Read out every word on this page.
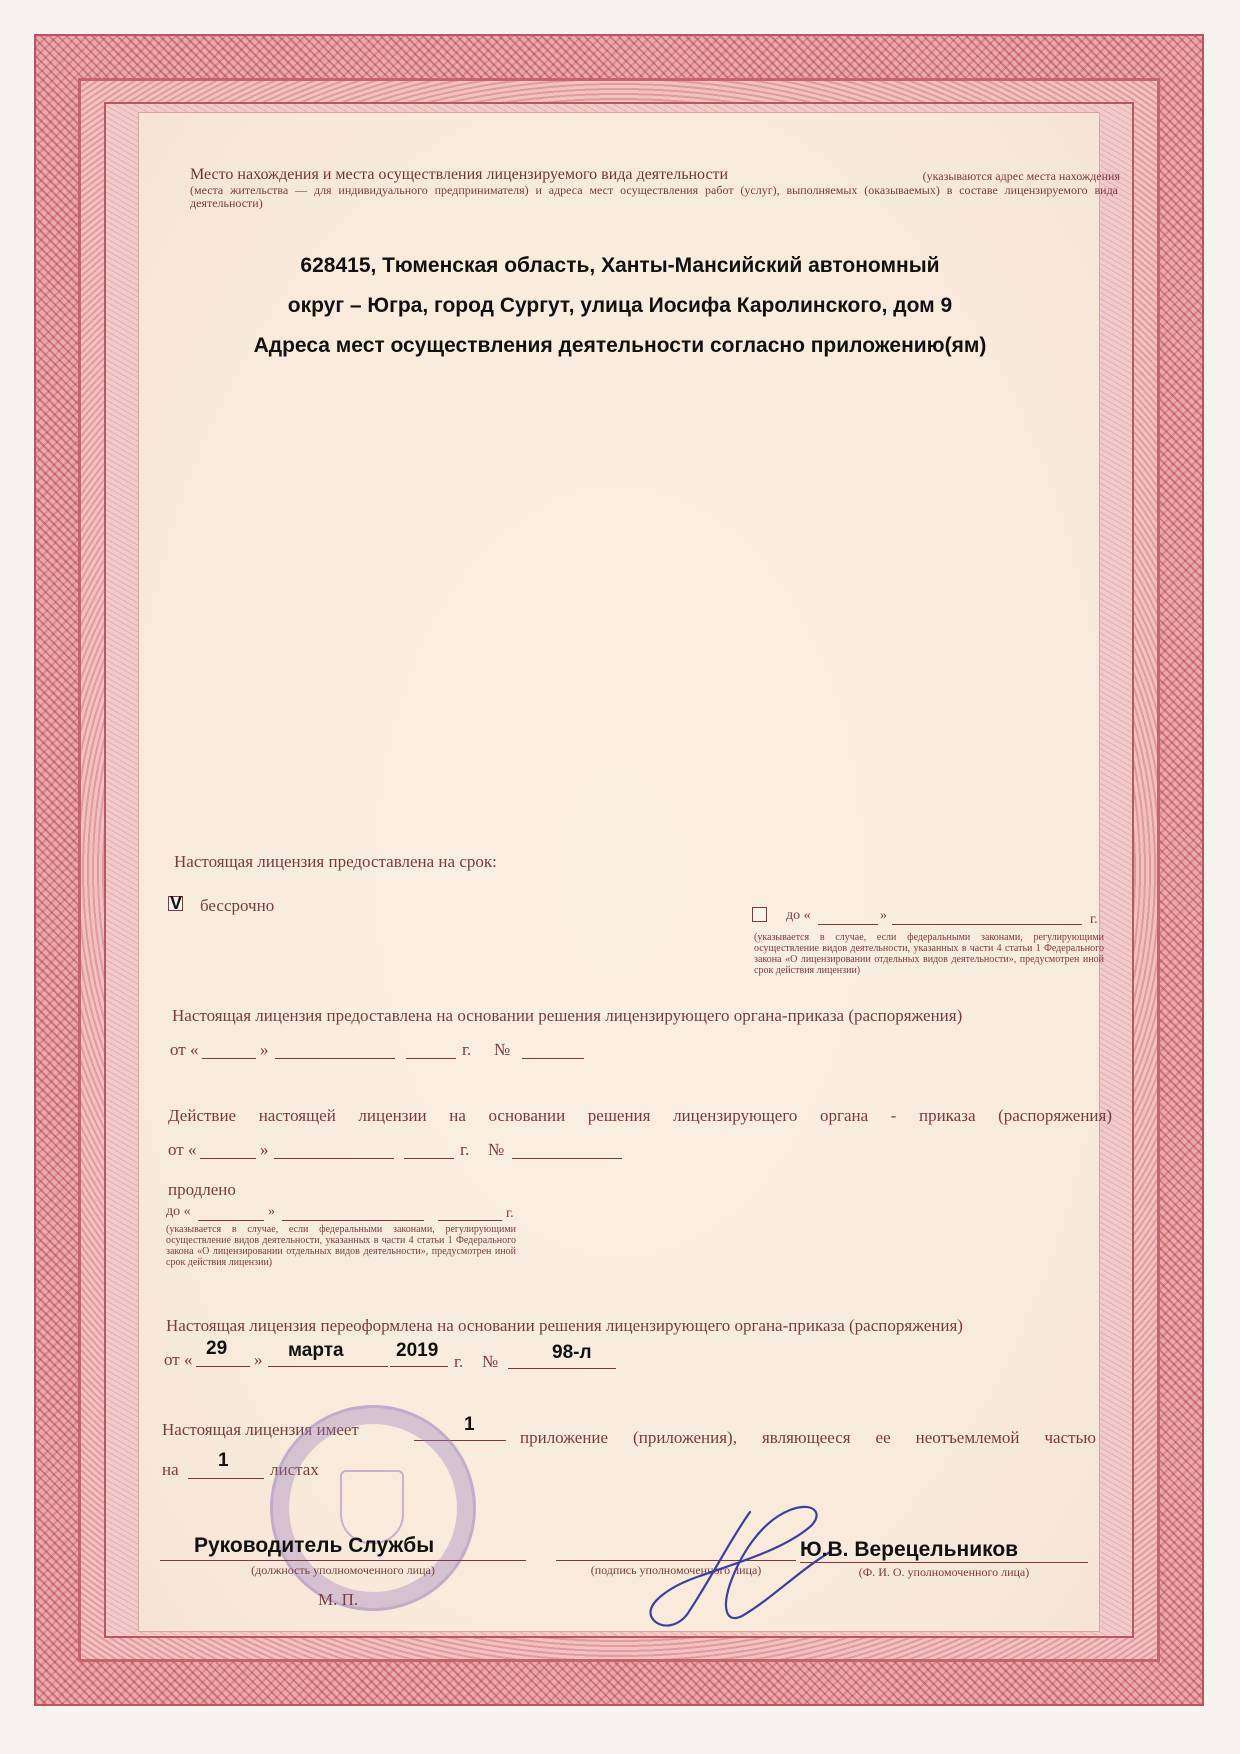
Место нахождения и места осуществления лицензируемого вида деятельности	(указываются адрес места нахождения
(места жительства — для индивидуального предпринимателя) и адреса мест осуществления работ (услуг), выполняемых (оказываемых) в составе лицензируемого вида деятельности)
628415, Тюменская область, Ханты-Мансийский автономный
округ – Югра, город Сургут, улица Иосифа Каролинского, дом 9
Адреса мест осуществления деятельности согласно приложению(ям)
Настоящая лицензия предоставлена на срок:
V бессрочно
до «	»	г.
(указывается в случае, если федеральными законами, регулирующими осуществление видов деятельности, указанных в части 4 статьи 1 Федерального закона «О лицензировании отдельных видов деятельности», предусмотрен иной срок действия лицензии)
Настоящая лицензия предоставлена на основании решения лицензирующего органа-приказа (распоряжения)
от «	»	г. №
Действие настоящей лицензии на основании решения лицензирующего органа - приказа (распоряжения)
от «	»	г. №
продлено
до «	»	г.
(указывается в случае, если федеральными законами, регулирующими осуществление видов деятельности, указанных в части 4 статьи 1 Федерального закона «О лицензировании отдельных видов деятельности», предусмотрен иной срок действия лицензии)
Настоящая лицензия переоформлена на основании решения лицензирующего органа-приказа (распоряжения)
от «
29
» марта	2019
г. №	98-л
Настоящая лицензия имеет	1
приложение (приложения), являющееся ее неотъемлемой частью
на 1 листах
Руководитель Службы
(должность уполномоченного лица)	(подпись уполномоченного лица)
Ю.В. Верецельников
(Ф. И. О. уполномоченного лица)
М. П.
